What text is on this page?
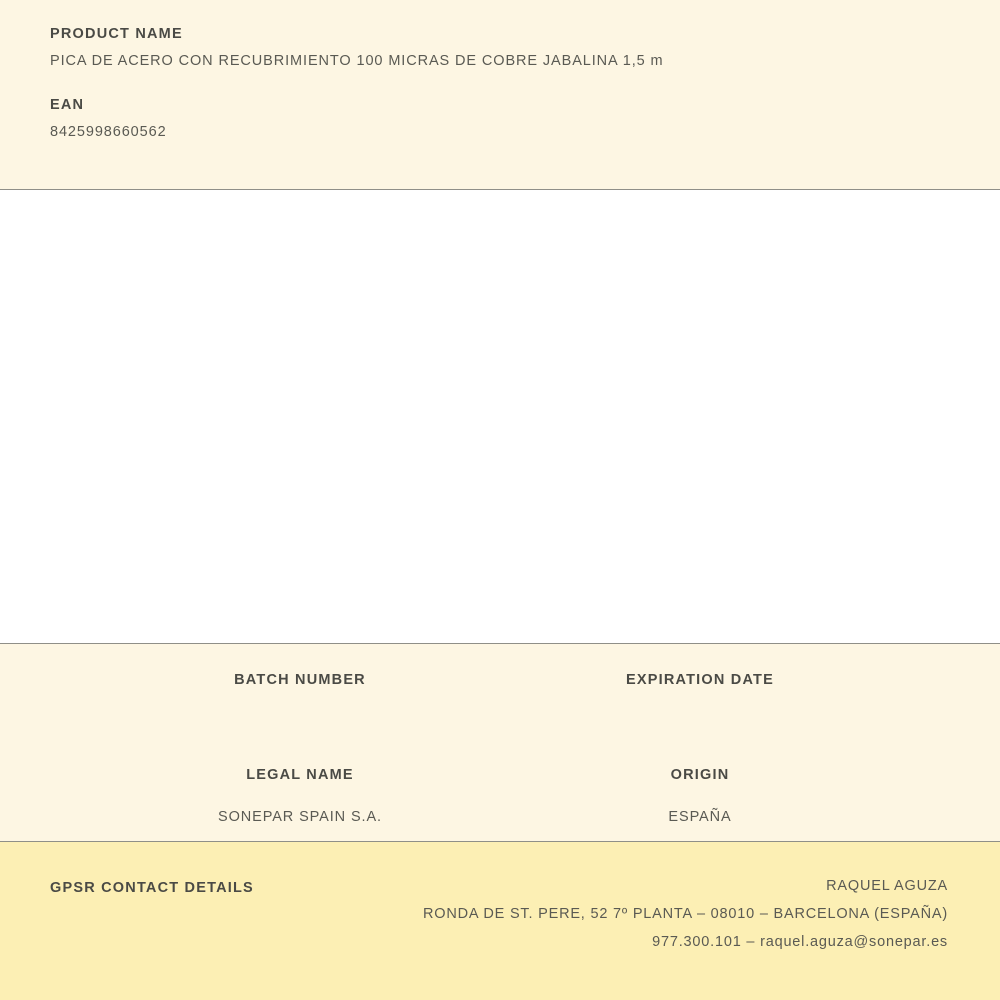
PRODUCT NAME

PICA DE ACERO CON RECUBRIMIENTO 100 MICRAS DE COBRE JABALINA 1,5 m

EAN

8425998660562

BATCH NUMBER	EXPIRATION DATE

LEGAL NAME

SONEPAR SPAIN S.A.

ORIGIN

ESPAÑA

GPSR CONTACT DETAILS	RAQUEL AGUZA

RONDA DE ST. PERE, 52 7º PLANTA – 08010 – BARCELONA (ESPAÑA)

977.300.101 – raquel.aguza@sonepar.es
